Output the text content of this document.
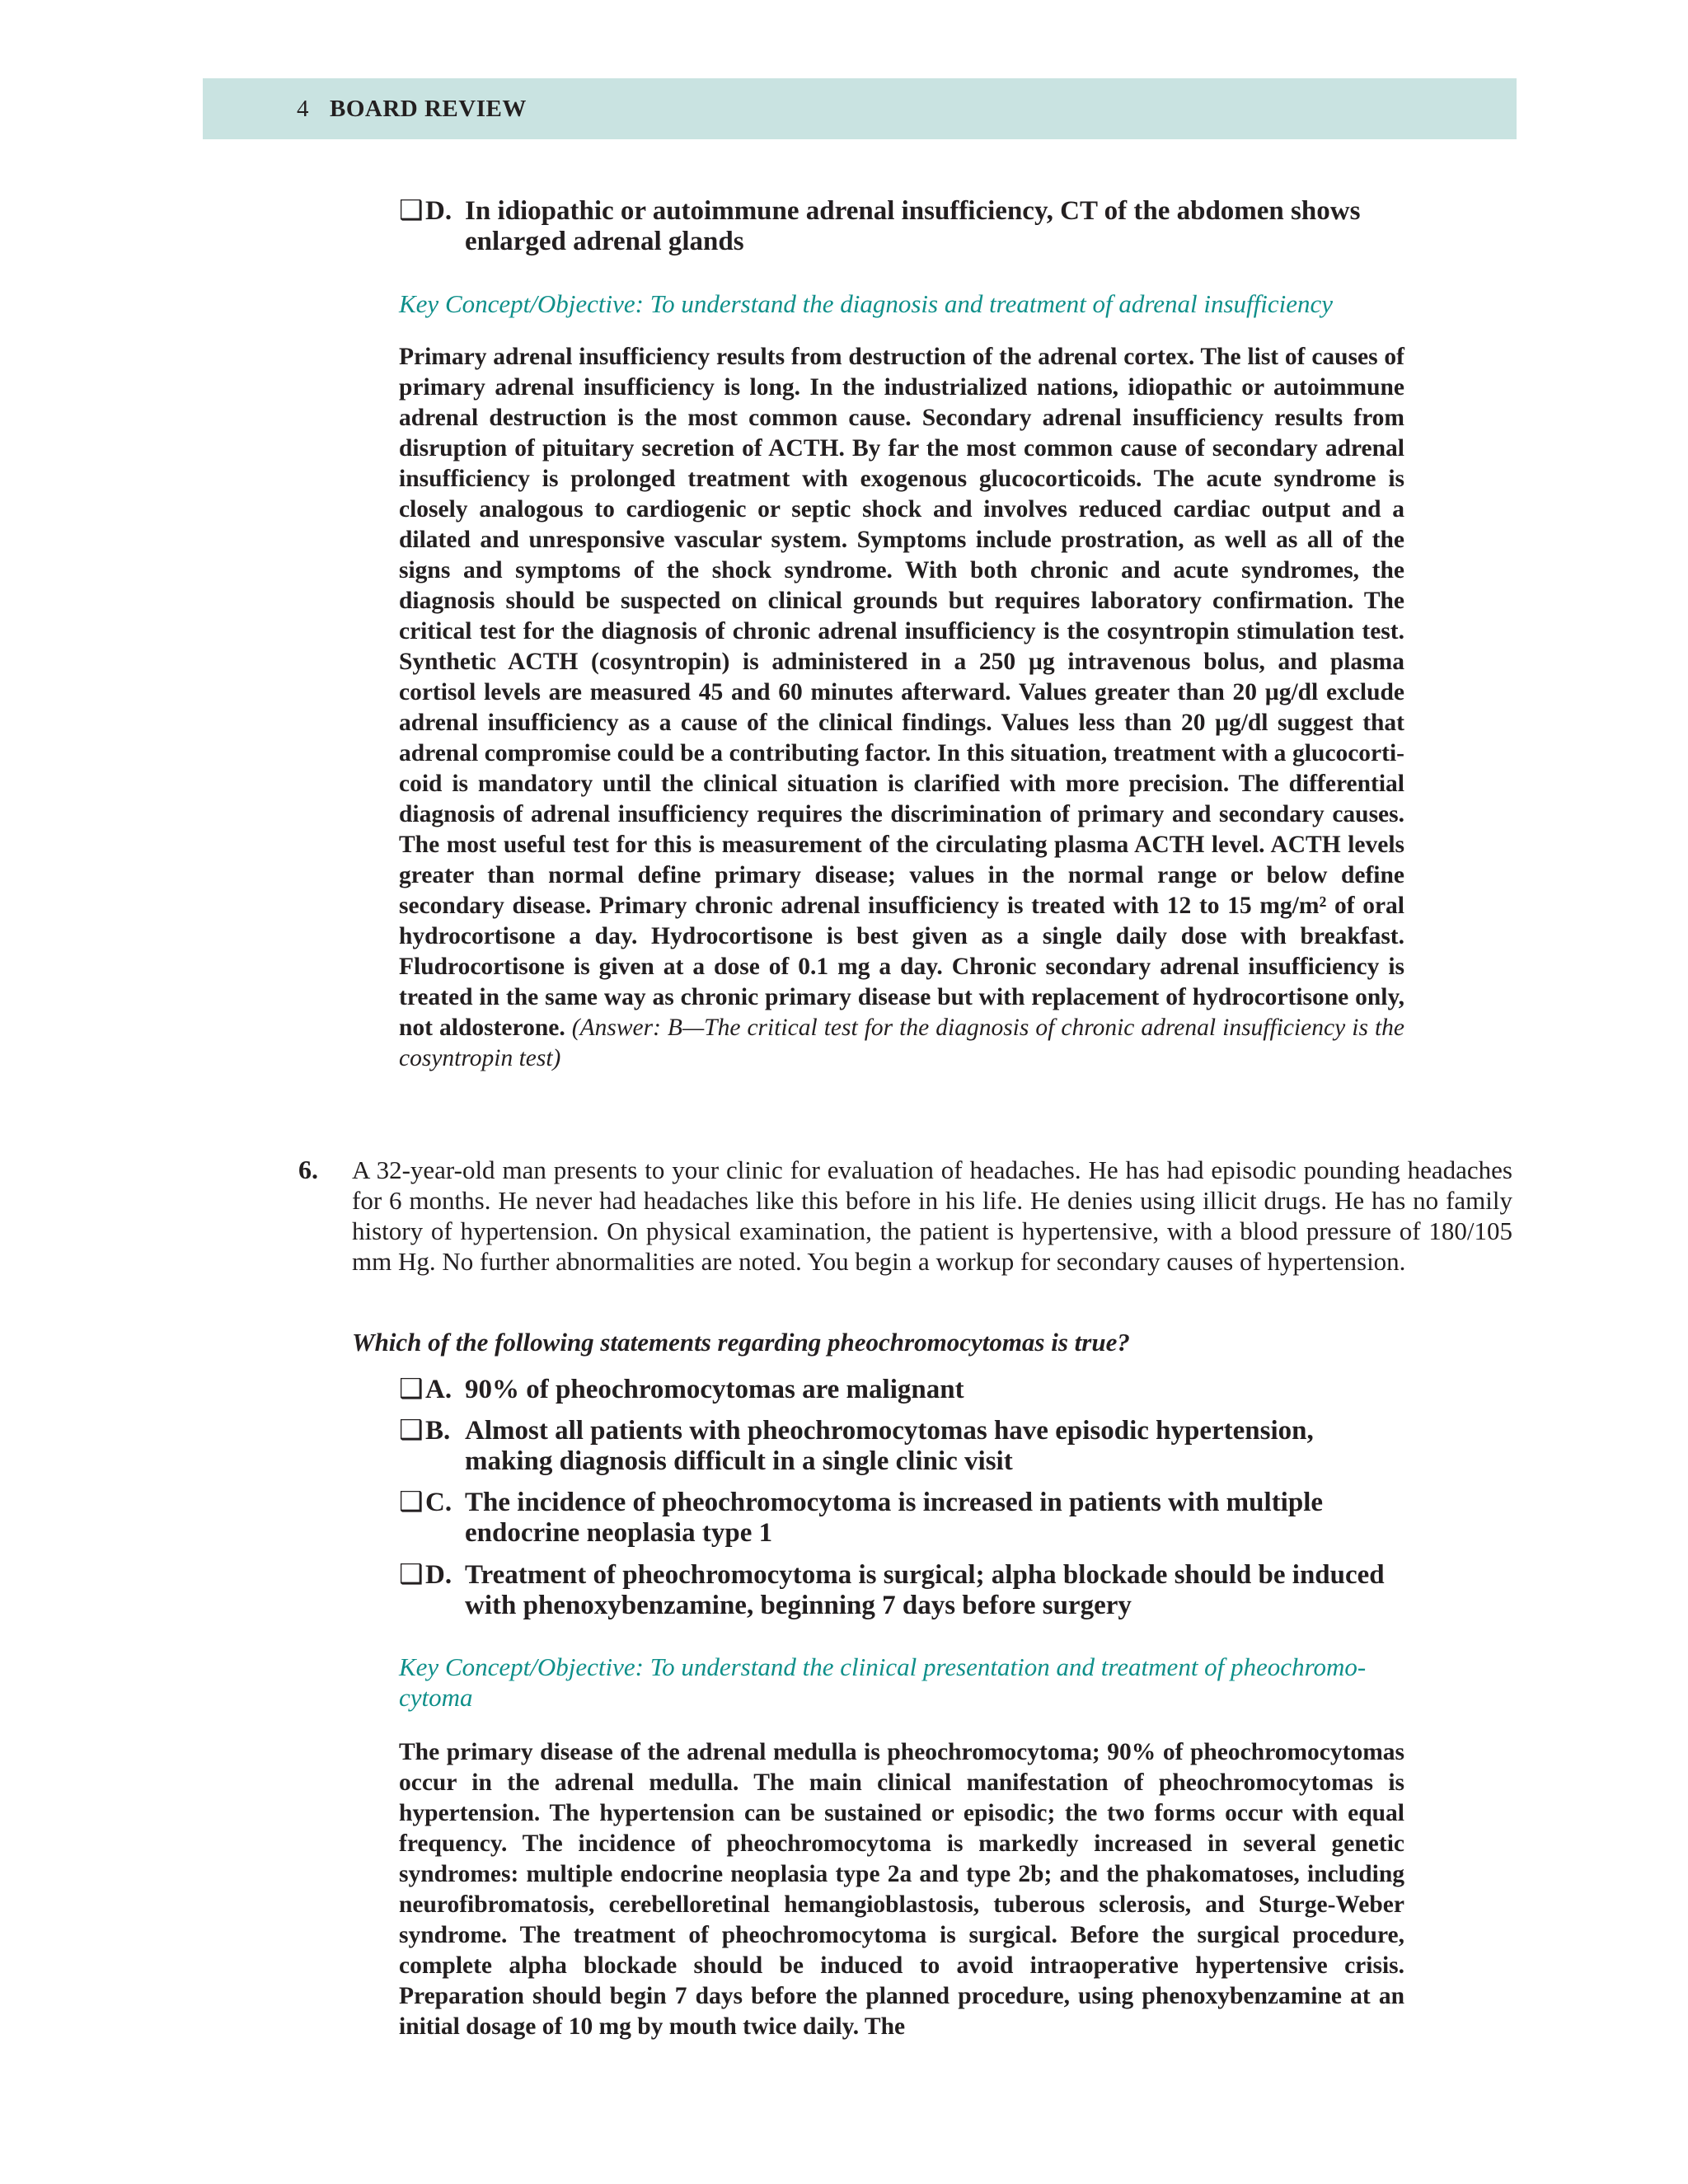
4 BOARD REVIEW
❑ D. In idiopathic or autoimmune adrenal insufficiency, CT of the abdomen shows enlarged adrenal glands
Key Concept/Objective: To understand the diagnosis and treatment of adrenal insufficiency
Primary adrenal insufficiency results from destruction of the adrenal cortex. The list of causes of primary adrenal insufficiency is long. In the industrialized nations, idiopathic or autoimmune adrenal destruction is the most common cause. Secondary adrenal insufficiency results from disruption of pituitary secretion of ACTH. By far the most common cause of secondary adrenal insufficiency is prolonged treatment with exogenous glucocorticoids. The acute syndrome is closely analogous to cardiogenic or septic shock and involves reduced cardiac output and a dilated and unresponsive vascular system. Symptoms include prostration, as well as all of the signs and symptoms of the shock syndrome. With both chronic and acute syndromes, the diagnosis should be suspected on clinical grounds but requires laboratory confirmation. The critical test for the diagnosis of chronic adrenal insufficiency is the cosyntropin stimulation test. Synthetic ACTH (cosyntropin) is administered in a 250 µg intravenous bolus, and plasma cortisol levels are measured 45 and 60 minutes afterward. Values greater than 20 µg/dl exclude adrenal insufficiency as a cause of the clinical findings. Values less than 20 µg/dl suggest that adrenal compromise could be a contributing factor. In this situation, treatment with a glucocorticoid is mandatory until the clinical situation is clarified with more precision. The differential diagnosis of adrenal insufficiency requires the discrimination of primary and secondary causes. The most useful test for this is measurement of the circulating plasma ACTH level. ACTH levels greater than normal define primary disease; values in the normal range or below define secondary disease. Primary chronic adrenal insufficiency is treated with 12 to 15 mg/m² of oral hydrocortisone a day. Hydrocortisone is best given as a single daily dose with breakfast. Fludrocortisone is given at a dose of 0.1 mg a day. Chronic secondary adrenal insufficiency is treated in the same way as chronic primary disease but with replacement of hydrocortisone only, not aldosterone. (Answer: B—The critical test for the diagnosis of chronic adrenal insufficiency is the cosyntropin test)
6. A 32-year-old man presents to your clinic for evaluation of headaches. He has had episodic pounding headaches for 6 months. He never had headaches like this before in his life. He denies using illicit drugs. He has no family history of hypertension. On physical examination, the patient is hypertensive, with a blood pressure of 180/105 mm Hg. No further abnormalities are noted. You begin a workup for secondary causes of hypertension.
Which of the following statements regarding pheochromocytomas is true?
❑ A. 90% of pheochromocytomas are malignant
❑ B. Almost all patients with pheochromocytomas have episodic hypertension, making diagnosis difficult in a single clinic visit
❑ C. The incidence of pheochromocytoma is increased in patients with multiple endocrine neoplasia type 1
❑ D. Treatment of pheochromocytoma is surgical; alpha blockade should be induced with phenoxybenzamine, beginning 7 days before surgery
Key Concept/Objective: To understand the clinical presentation and treatment of pheochromocytoma
The primary disease of the adrenal medulla is pheochromocytoma; 90% of pheochromocytomas occur in the adrenal medulla. The main clinical manifestation of pheochromocytomas is hypertension. The hypertension can be sustained or episodic; the two forms occur with equal frequency. The incidence of pheochromocytoma is markedly increased in several genetic syndromes: multiple endocrine neoplasia type 2a and type 2b; and the phakomatoses, including neurofibromatosis, cerebelloretinal hemangioblastosis, tuberous sclerosis, and Sturge-Weber syndrome. The treatment of pheochromocytoma is surgical. Before the surgical procedure, complete alpha blockade should be induced to avoid intraoperative hypertensive crisis. Preparation should begin 7 days before the planned procedure, using phenoxybenzamine at an initial dosage of 10 mg by mouth twice daily. The
